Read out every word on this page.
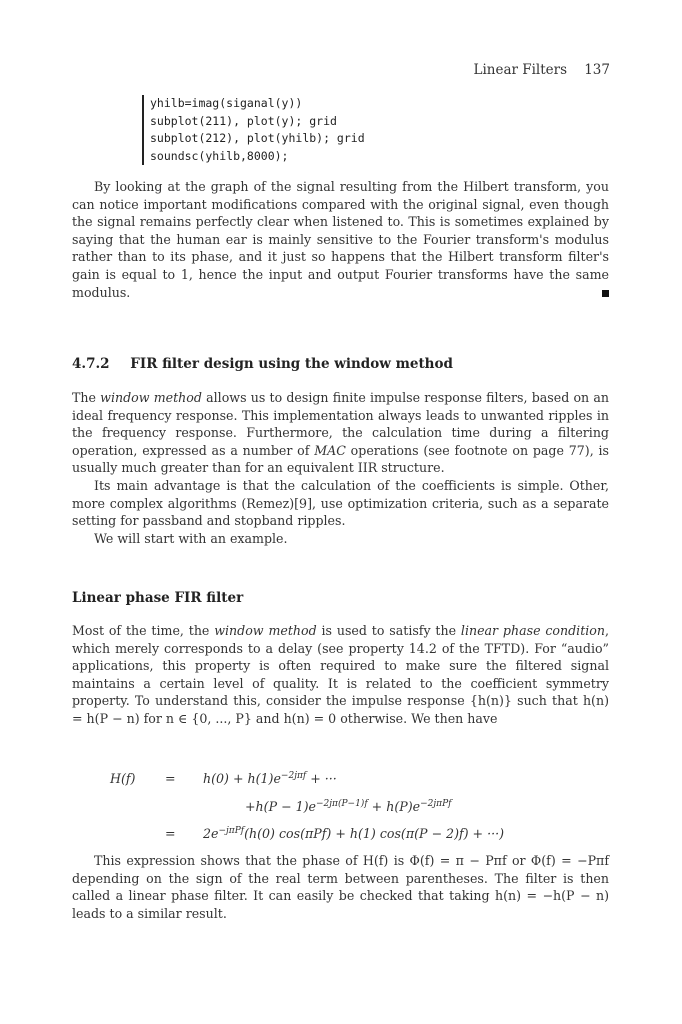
Linear Filters 137
yhilb=imag(siganal(y))
subplot(211), plot(y); grid
subplot(212), plot(yhilb); grid
soundsc(yhilb,8000);

By looking at the graph of the signal resulting from the Hilbert transform, you can notice important modifications compared with the original signal, even though the signal remains perfectly clear when listened to. This is sometimes explained by saying that the human ear is mainly sensitive to the Fourier transform's modulus rather than to its phase, and it just so happens that the Hilbert transform filter's gain is equal to 1, hence the input and output Fourier transforms have the same modulus.

4.7.2 FIR filter design using the window method

The window method allows us to design finite impulse response filters, based on an ideal frequency response. This implementation always leads to unwanted ripples in the frequency response. Furthermore, the calculation time during a filtering operation, expressed as a number of MAC operations (see footnote on page 77), is usually much greater than for an equivalent IIR structure.

Its main advantage is that the calculation of the coefficients is simple. Other, more complex algorithms (Remez)[9], use optimization criteria, such as a separate setting for passband and stopband ripples.

We will start with an example.

Linear phase FIR filter

Most of the time, the window method is used to satisfy the linear phase condition, which merely corresponds to a delay (see property 14.2 of the TFTD). For “audio” applications, this property is often required to make sure the filtered signal maintains a certain level of quality. It is related to the coefficient symmetry property. To understand this, consider the impulse response {h(n)} such that h(n) = h(P − n) for n ∈ {0, ..., P} and h(n) = 0 otherwise. We then have

$H(f) = h(0) + h(1)e^{-2j\pi f}$ + ···
$+h(P - 1)e^{-2j\pi(P-1)f} + h(P)e^{-2j\pi Pf}$
= $2e^{-j\pi Pf}(h(0) \cos(\pi Pf) + h(1) \cos(\pi(P - 2)f)$ + ···)

This expression shows that the phase of H(f) is Φ(f) = π − Pπf or Φ(f) = −Pπf depending on the sign of the real term between parentheses. The filter is then called a linear phase filter. It can easily be checked that taking h(n) = −h(P − n) leads to a similar result.
